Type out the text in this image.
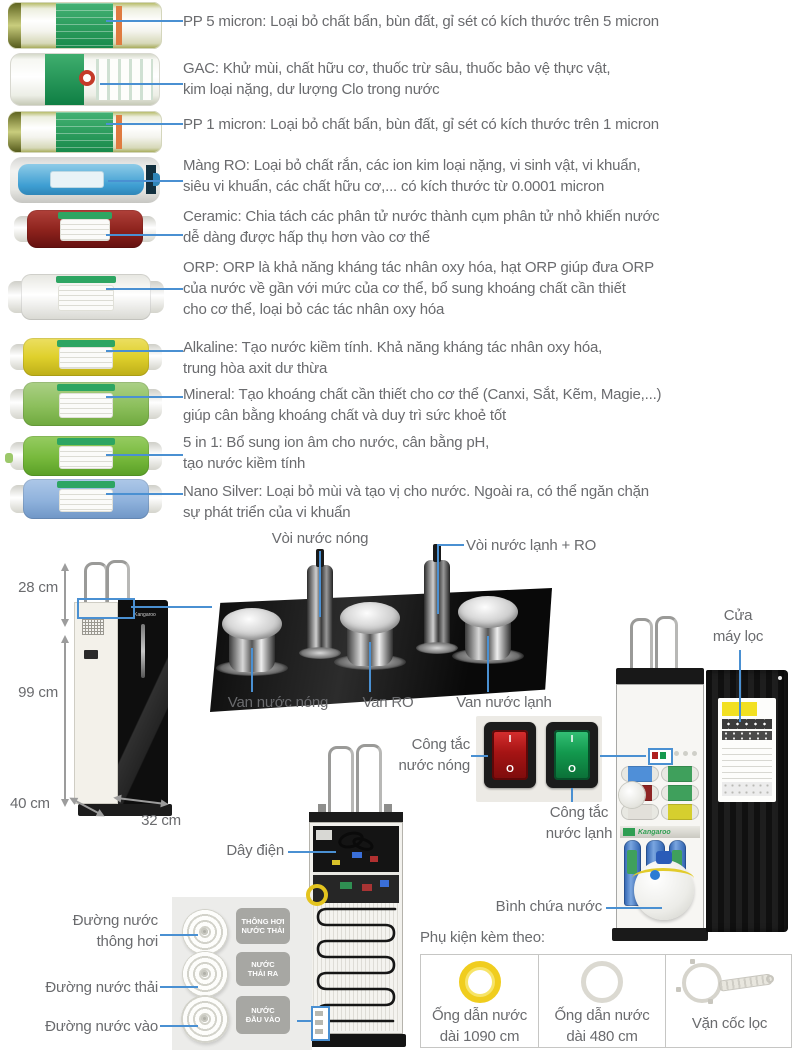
PP 5 micron: Loại bỏ chất bẩn, bùn đất, gỉ sét có kích thước trên 5 micron
GAC: Khử mùi, chất hữu cơ, thuốc trừ sâu, thuốc bảo vệ thực vật,
kim loại nặng, dư lượng Clo trong nước
PP 1 micron: Loại bỏ chất bẩn, bùn đất, gỉ sét có kích thước trên 1 micron
Màng RO: Loại bỏ chất rắn, các ion kim loại nặng, vi sinh vật, vi khuẩn,
siêu vi khuẩn, các chất hữu cơ,... có kích thước từ 0.0001 micron
Ceramic: Chia tách các phân tử nước thành cụm phân tử nhỏ khiến nước
dễ dàng được hấp thụ hơn vào cơ thể
ORP: ORP là khả năng kháng tác nhân oxy hóa, hạt ORP giúp đưa ORP
của nước về gần với mức của cơ thể, bổ sung khoáng chất cần thiết
cho cơ thể, loại bỏ các tác nhân oxy hóa
Alkaline: Tạo nước kiềm tính. Khả năng kháng tác nhân oxy hóa,
trung hòa axit dư thừa
Mineral: Tạo khoáng chất cần thiết cho cơ thể (Canxi, Sắt, Kẽm, Magie,...)
giúp cân bằng khoáng chất và duy trì sức khoẻ tốt
5 in 1: Bổ sung ion âm cho nước, cân bằng pH,
tạo nước kiềm tính
Nano Silver: Loại bỏ mùi và tạo vị cho nước. Ngoài ra, có thể ngăn chặn
sự phát triển của vi khuẩn
Kangaroo
28 cm
99 cm
40 cm
32 cm
Vòi nước nóng	Vòi nước lạnh + RO
Van nước nóng	Van RO	Van nước lạnh
I
O
I
O
Công tắc
nước nóng
Công tắc
nước lạnh
Dây điện
THÔNG HƠI
NƯỚC THẢI
NƯỚC
THẢI RA
NƯỚC
ĐẦU VÀO
Đường nước
thông hơi
Đường nước thải
Đường nước vào
Kangaroo
Cửa
máy lọc
Bình chứa nước
Phụ kiện kèm theo:
Ống dẫn nước
dài 1090 cm
Ống dẫn nước
dài 480 cm
Vặn cốc lọc
